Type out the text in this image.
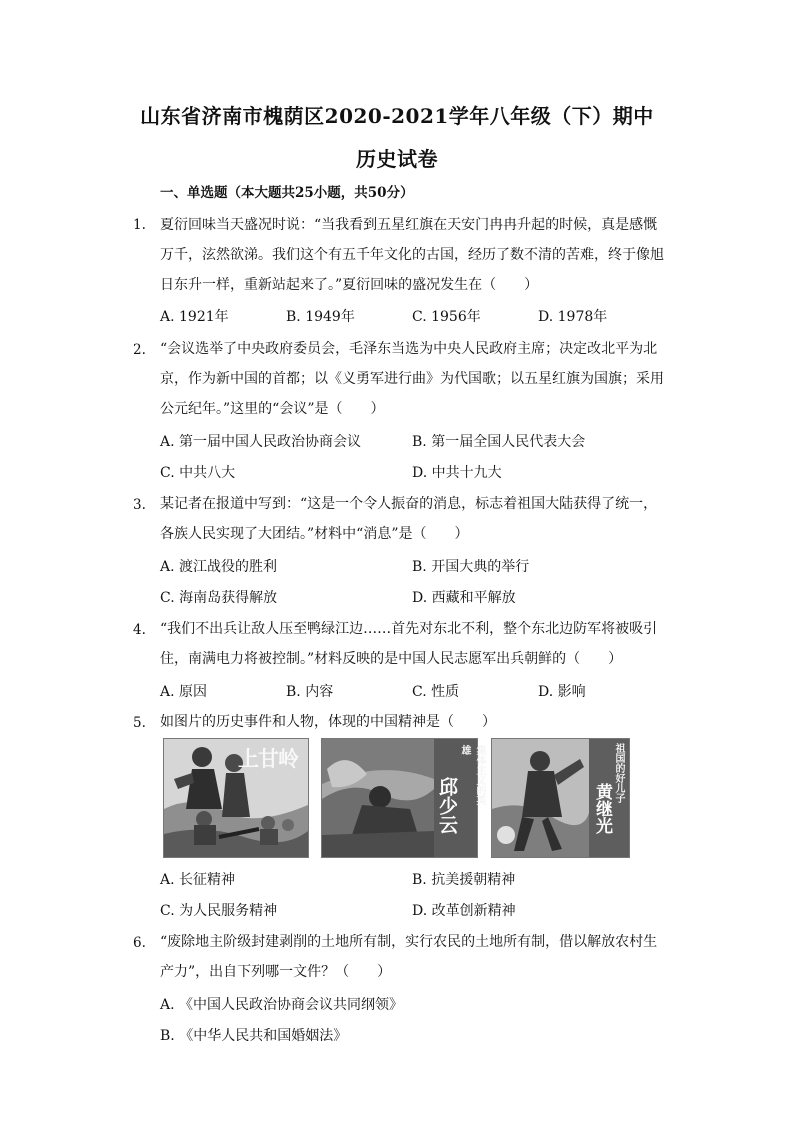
山东省济南市槐荫区2020-2021学年八年级（下）期中
历史试卷
一、单选题（本大题共25小题，共50分）
1. 夏衍回味当天盛况时说：“当我看到五星红旗在天安门冉冉升起的时候，真是感慨
万千，泫然欲涕。我们这个有五千年文化的古国，经历了数不清的苦难，终于像旭
日东升一样，重新站起来了。”夏衍回味的盛况发生在（　　）
A. 1921年	B. 1949年	C. 1956年	D. 1978年
2. “会议选举了中央政府委员会，毛泽东当选为中央人民政府主席；决定改北平为北
京，作为新中国的首都；以《义勇军进行曲》为代国歌；以五星红旗为国旗；采用
公元纪年。”这里的“会议”是（　　）
A. 第一届中国人民政治协商会议	B. 第一届全国人民代表大会
C. 中共八大	D. 中共十九大
3. 某记者在报道中写到：“这是一个令人振奋的消息，标志着祖国大陆获得了统一，
各族人民实现了大团结。”材料中“消息”是（　　）
A. 渡江战役的胜利	B. 开国大典的举行
C. 海南岛获得解放	D. 西藏和平解放
4. “我们不出兵让敌人压至鸭绿江边……首先对东北不利，整个东北边防军将被吸引
住，南满电力将被控制。”材料反映的是中国人民志愿军出兵朝鲜的（　　）
A. 原因	B. 内容	C. 性质	D. 影响
5. 如图片的历史事件和人物，体现的中国精神是（　　）
上甘岭	集体主义的英雄
邱少云
祖国的好儿子
黄继光
A. 长征精神	B. 抗美援朝精神
C. 为人民服务精神	D. 改革创新精神
6. “废除地主阶级封建剥削的土地所有制，实行农民的土地所有制，借以解放农村生
产力”，出自下列哪一文件？（　　）
A. 《中国人民政治协商会议共同纲领》
B. 《中华人民共和国婚姻法》
